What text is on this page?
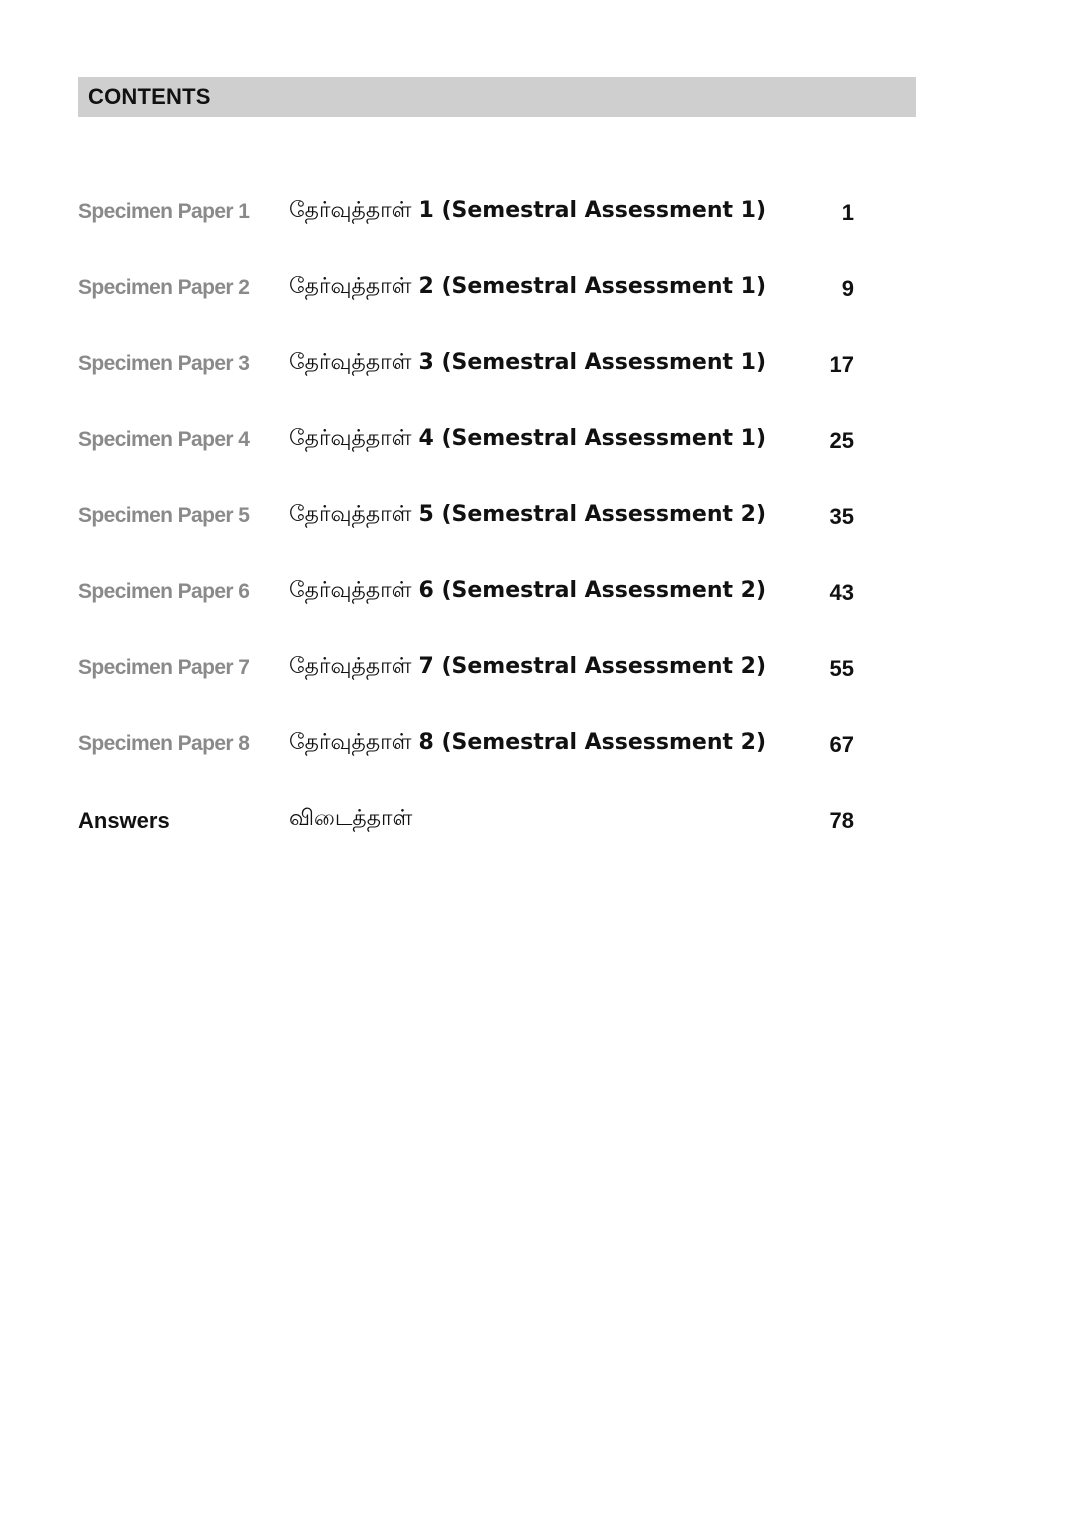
CONTENTS
Specimen Paper 1 தேர்வுத்தாள் 1 (Semestral Assessment 1)	1
Specimen Paper 2 தேர்வுத்தாள் 2 (Semestral Assessment 1)	9
Specimen Paper 3 தேர்வுத்தாள் 3 (Semestral Assessment 1)	17
Specimen Paper 4 தேர்வுத்தாள் 4 (Semestral Assessment 1)	25
Specimen Paper 5 தேர்வுத்தாள் 5 (Semestral Assessment 2)	35
Specimen Paper 6 தேர்வுத்தாள் 6 (Semestral Assessment 2)	43
Specimen Paper 7 தேர்வுத்தாள் 7 (Semestral Assessment 2)	55
Specimen Paper 8 தேர்வுத்தாள் 8 (Semestral Assessment 2)	67
Answers	விடைத்தாள்	78
